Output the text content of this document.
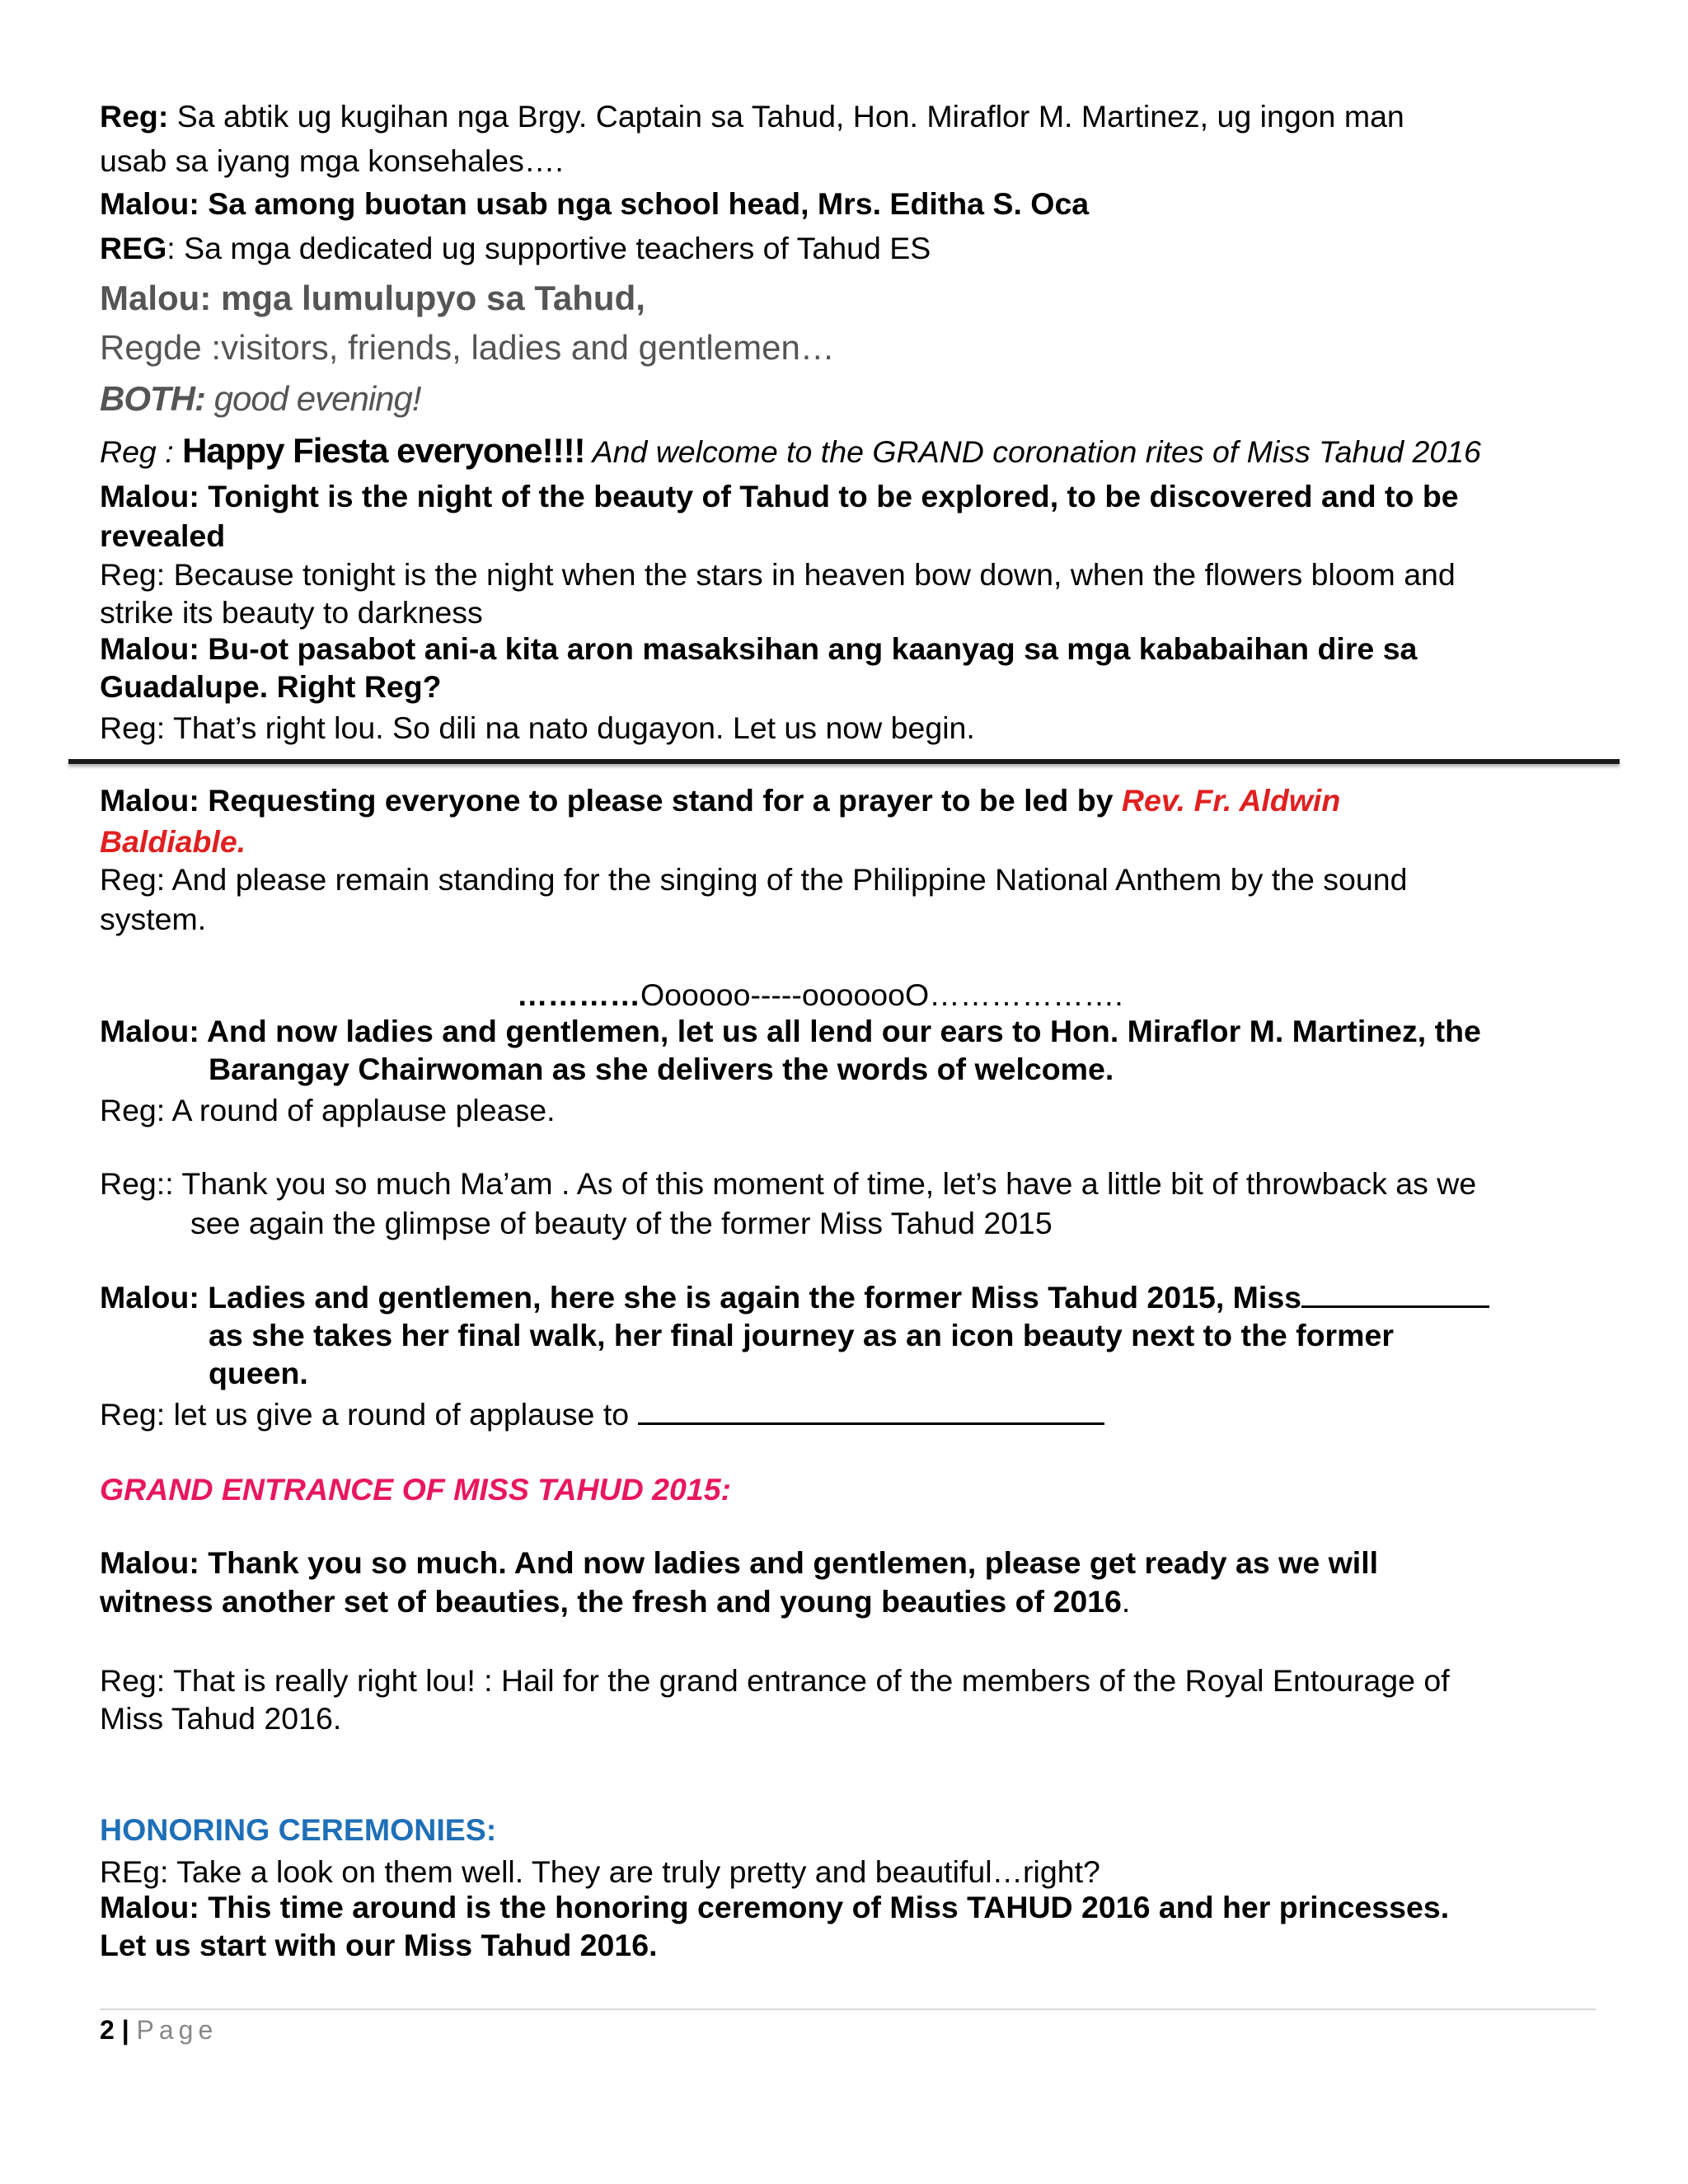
Reg: Sa abtik ug kugihan nga Brgy. Captain sa Tahud, Hon. Miraflor M. Martinez, ug ingon man
usab sa iyang mga konsehales….
Malou: Sa among buotan usab nga school head, Mrs. Editha S. Oca
REG: Sa mga dedicated ug supportive teachers of Tahud ES
Malou: mga lumulupyo sa Tahud,
Regde :visitors, friends, ladies and gentlemen…
BOTH: good evening!
Reg : Happy Fiesta everyone!!!! And welcome to the GRAND coronation rites of Miss Tahud 2016
Malou: Tonight is the night of the beauty of Tahud to be explored, to be discovered and to be
revealed
Reg: Because tonight is the night when the stars in heaven bow down, when the flowers bloom and
strike its beauty to darkness
Malou: Bu-ot pasabot ani-a kita aron masaksihan ang kaanyag sa mga kababaihan dire sa
Guadalupe. Right Reg?
Reg: That’s right lou. So dili na nato dugayon. Let us now begin.
Malou: Requesting everyone to please stand for a prayer to be led by Rev. Fr. Aldwin
Baldiable.
Reg: And please remain standing for the singing of the Philippine National Anthem by the sound
system.
…………Oooooo-----ooooooO……………….
Malou: And now ladies and gentlemen, let us all lend our ears to Hon. Miraflor M. Martinez, the
Barangay Chairwoman as she delivers the words of welcome.
Reg: A round of applause please.
Reg:: Thank you so much Ma’am . As of this moment of time, let’s have a little bit of throwback as we
see again the glimpse of beauty of the former Miss Tahud 2015
Malou: Ladies and gentlemen, here she is again the former Miss Tahud 2015, Miss
as she takes her final walk, her final journey as an icon beauty next to the former
queen.
Reg: let us give a round of applause to
GRAND ENTRANCE OF MISS TAHUD 2015:
Malou: Thank you so much. And now ladies and gentlemen, please get ready as we will
witness another set of beauties, the fresh and young beauties of 2016.
Reg: That is really right lou! : Hail for the grand entrance of the members of the Royal Entourage of
Miss Tahud 2016.
HONORING CEREMONIES:
REg: Take a look on them well. They are truly pretty and beautiful…right?
Malou: This time around is the honoring ceremony of Miss TAHUD 2016 and her princesses.
Let us start with our Miss Tahud 2016.
2 | Page
